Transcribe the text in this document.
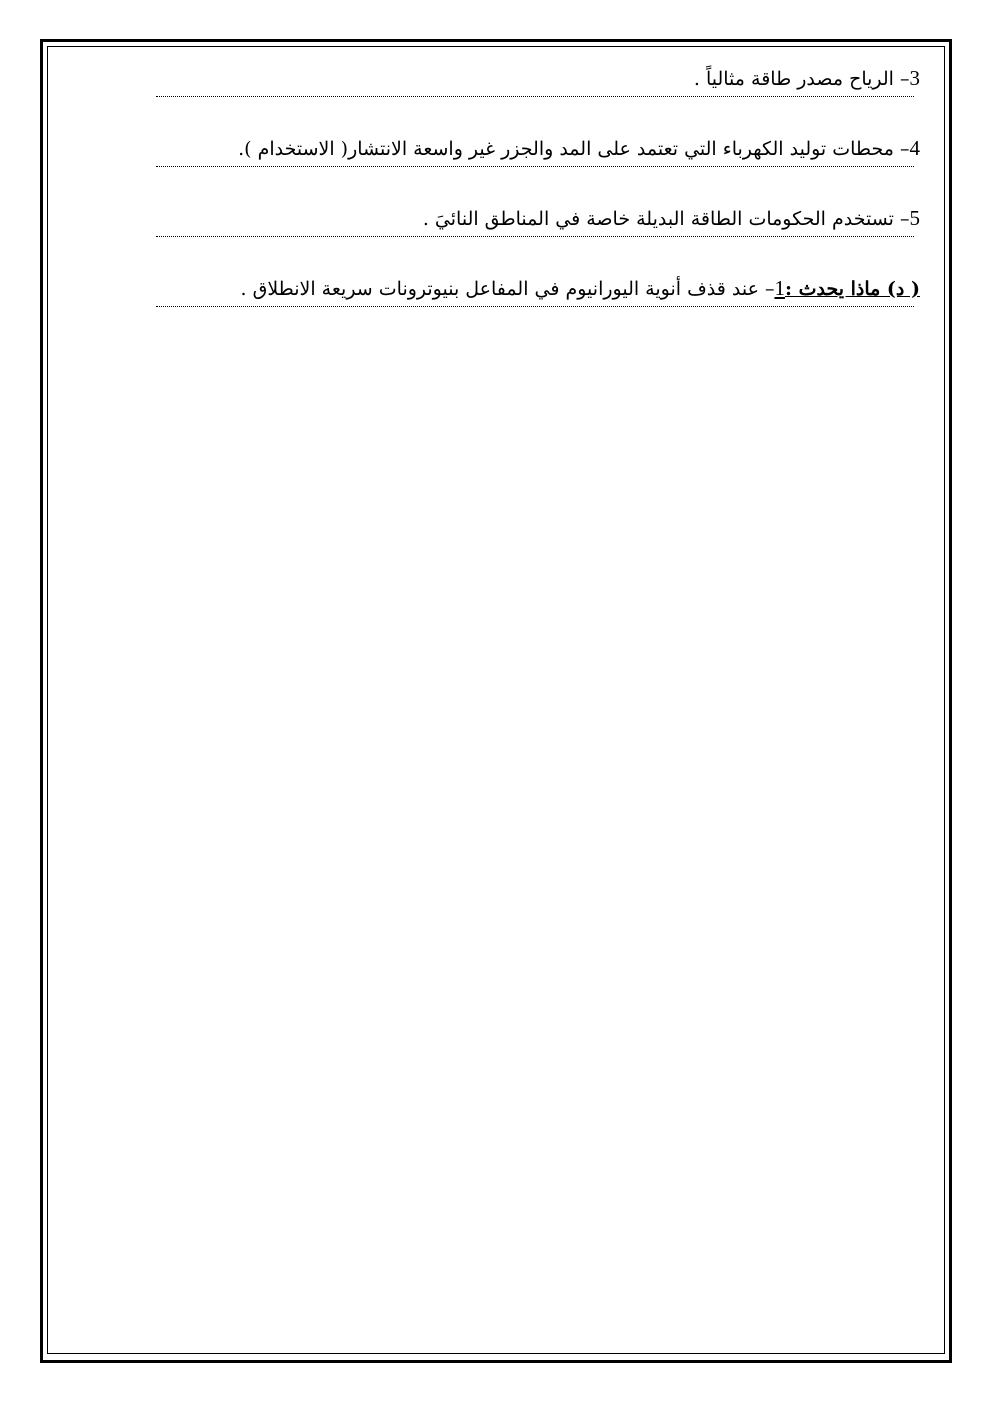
3– الرياح مصدر طاقة مثالياً .
4– محطات توليد الكهرباء التي تعتمد على المد والجزر غير واسعة الانتشار( الاستخدام ).
5– تستخدم الحكومات الطاقة البديلة خاصة في المناطق النائيَ .
( د) ماذا يحدث :1– عند قذف أنوية اليورانيوم في المفاعل بنيوترونات سريعة الانطلاق .
